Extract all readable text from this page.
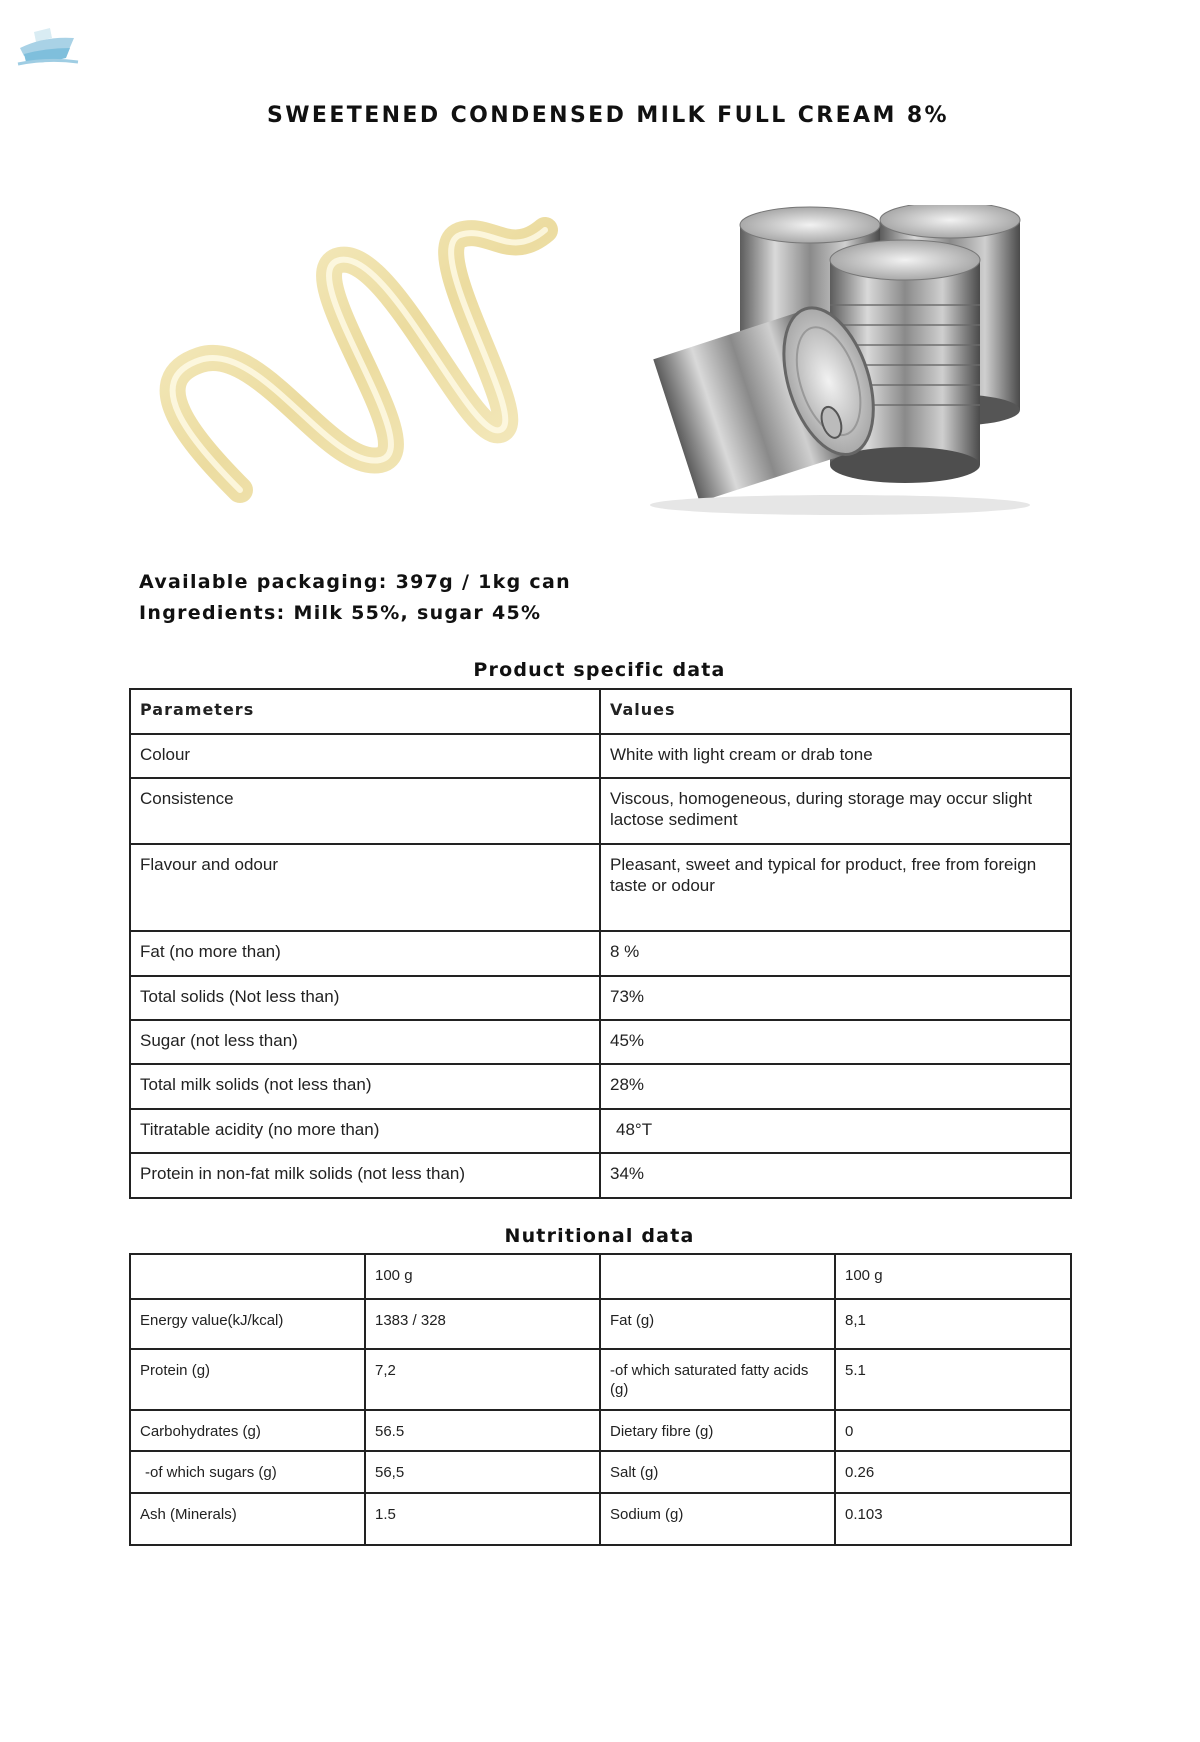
SWEETENED CONDENSED MILK FULL CREAM 8%
Available packaging: 397g / 1kg can
Ingredients: Milk 55%, sugar 45%
Product specific data
Parameters	Values
Colour	White with light cream or drab tone
Consistence	Viscous, homogeneous, during storage may occur slight lactose sediment
Flavour and odour	Pleasant, sweet and typical for product, free from foreign taste or odour
Fat (no more than)	8 %
Total solids (Not less than)	73%
Sugar (not less than)	45%
Total milk solids (not less than)	28%
Titratable acidity (no more than)	48°T
Protein in non-fat milk solids (not less than)	34%
Nutritional data
	100 g		100 g
Energy value(kJ/kcal)	1383 / 328	Fat (g)	8,1
Protein (g)	7,2	-of which saturated fatty acids (g)	5.1
Carbohydrates (g)	56.5	Dietary fibre (g)	0
-of which sugars (g)	56,5	Salt (g)	0.26
Ash (Minerals)	1.5	Sodium (g)	0.103
